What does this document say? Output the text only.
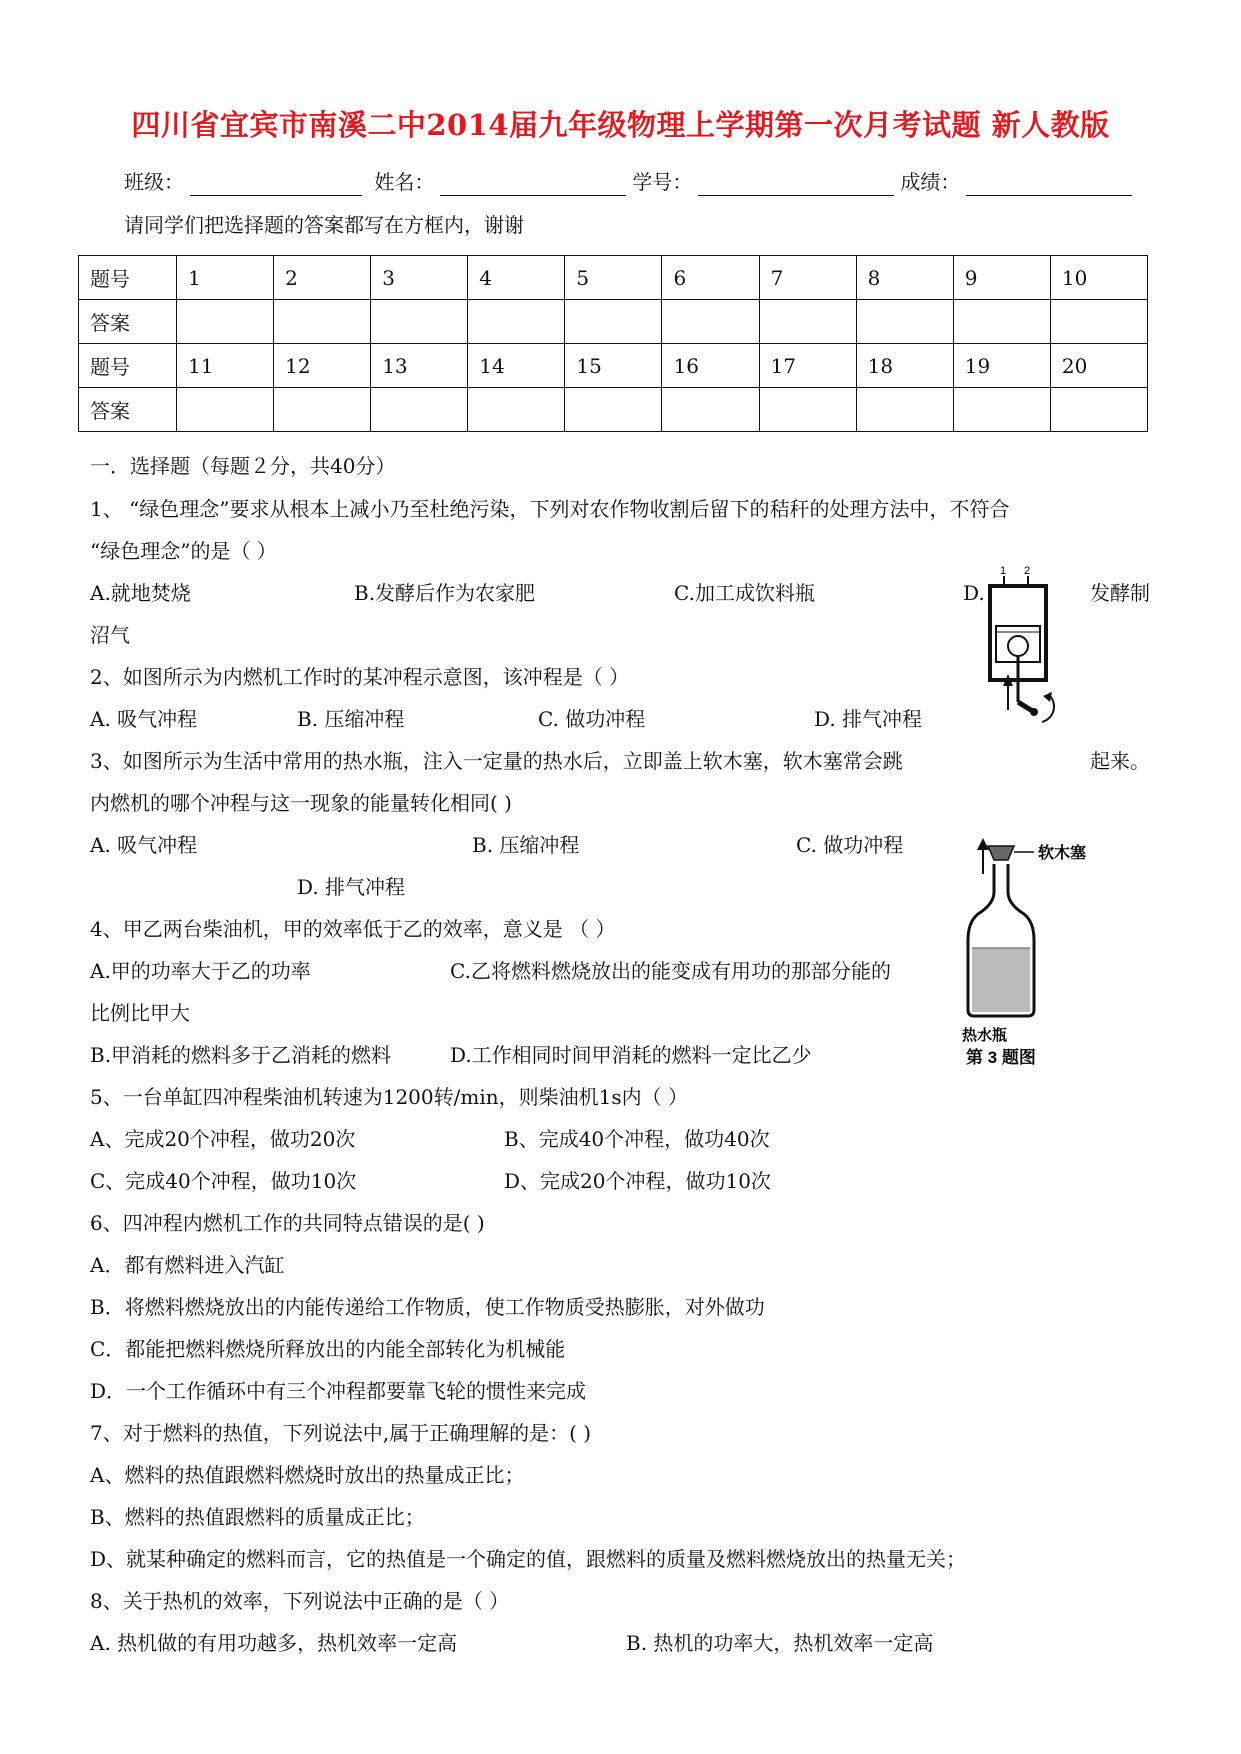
四川省宜宾市南溪二中2014届九年级物理上学期第一次月考试题 新人教版
班级：	姓名：	学号：	成绩：
请同学们把选择题的答案都写在方框内，谢谢
题号	1	2	3	4	5	6	7	8	9	10
答案										
题号	11	12	13	14	15	16	17	18	19	20
答案										
一．选择题（每题２分，共40分）
1、 “绿色理念”要求从根本上减小乃至杜绝污染，下列对农作物收割后留下的秸秆的处理方法中，不符合
“绿色理念”的是（ ）
A.就地焚烧	B.发酵后作为农家肥	C.加工成饮料瓶	D.	发酵制
沼气
2、如图所示为内燃机工作时的某冲程示意图，该冲程是（ ）
A. 吸气冲程	B. 压缩冲程	C. 做功冲程	D. 排气冲程
1 2
3、如图所示为生活中常用的热水瓶，注入一定量的热水后，立即盖上软木塞，软木塞常会跳	起来。
内燃机的哪个冲程与这一现象的能量转化相同( )
A. 吸气冲程	B. 压缩冲程	C. 做功冲程
D. 排气冲程
软木塞
热水瓶
第 3 题图
4、甲乙两台柴油机，甲的效率低于乙的效率，意义是 （ ）
A.甲的功率大于乙的功率	C.乙将燃料燃烧放出的能变成有用功的那部分能的
比例比甲大
B.甲消耗的燃料多于乙消耗的燃料	D.工作相同时间甲消耗的燃料一定比乙少
5、一台单缸四冲程柴油机转速为1200转/min，则柴油机1s内（ ）
A、完成20个冲程，做功20次	B、完成40个冲程，做功40次
C、完成40个冲程，做功10次	D、完成20个冲程，做功10次
6、四冲程内燃机工作的共同特点错误的是( )
A．都有燃料进入汽缸
B．将燃料燃烧放出的内能传递给工作物质，使工作物质受热膨胀，对外做功
C．都能把燃料燃烧所释放出的内能全部转化为机械能
D．一个工作循环中有三个冲程都要靠飞轮的惯性来完成
7、对于燃料的热值，下列说法中,属于正确理解的是：( )
A、燃料的热值跟燃料燃烧时放出的热量成正比；
B、燃料的热值跟燃料的质量成正比；
D、就某种确定的燃料而言，它的热值是一个确定的值，跟燃料的质量及燃料燃烧放出的热量无关；
8、关于热机的效率，下列说法中正确的是（ ）
A. 热机做的有用功越多，热机效率一定高	B. 热机的功率大，热机效率一定高
